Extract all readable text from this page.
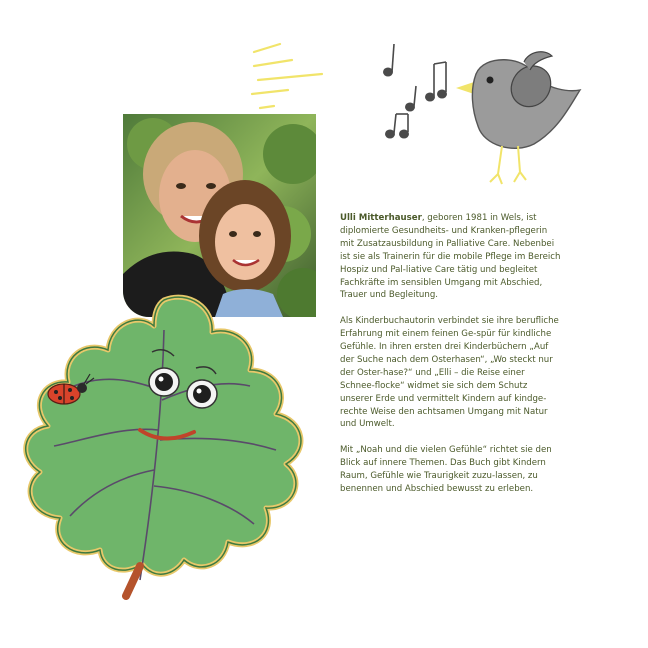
Ulli Mitterhauser, geboren 1981 in Wels, ist diplomierte Gesundheits- und Kranken-pflegerin mit Zusatzausbildung in Palliative Care. Nebenbei ist sie als Trainerin für die mobile Pflege im Bereich Hospiz und Pal-liative Care tätig und begleitet Fachkräfte im sensiblen Umgang mit Abschied, Trauer und Begleitung.

Als Kinderbuchautorin verbindet sie ihre berufliche Erfahrung mit einem feinen Ge-spür für kindliche Gefühle. In ihren ersten drei Kinderbüchern „Auf der Suche nach dem Osterhasen“, „Wo steckt nur der Oster-hase?“ und „Elli – die Reise einer Schnee-flocke“ widmet sie sich dem Schutz unserer Erde und vermittelt Kindern auf kindge-rechte Weise den achtsamen Umgang mit Natur und Umwelt.

Mit „Noah und die vielen Gefühle“ richtet sie den Blick auf innere Themen. Das Buch gibt Kindern Raum, Gefühle wie Traurigkeit zuzu-lassen, zu benennen und Abschied bewusst zu erleben.
